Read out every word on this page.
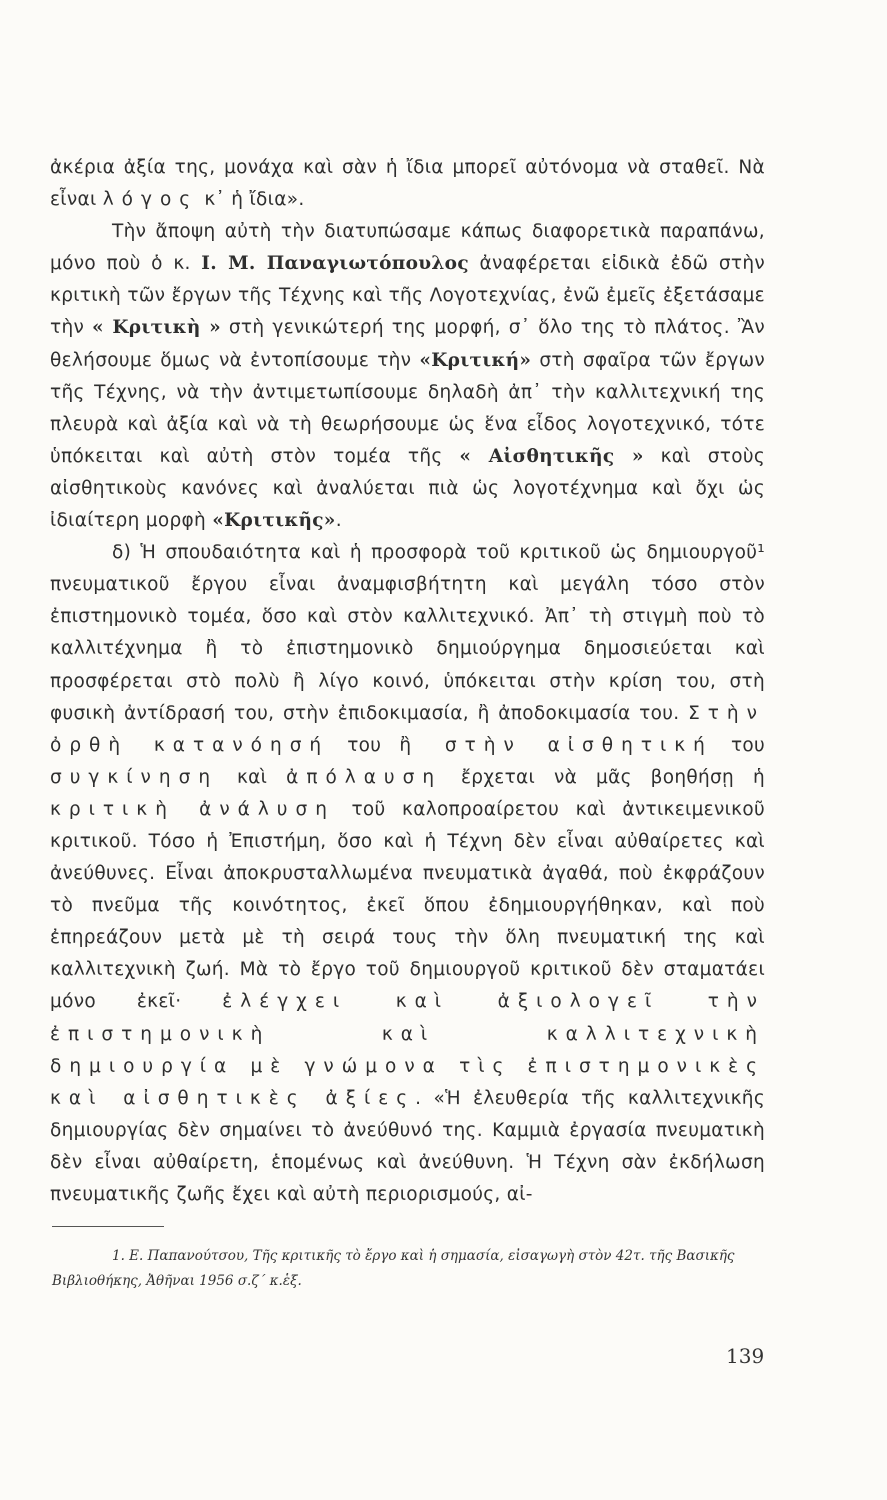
ἀκέρια ἀξία της, μονάχα καὶ σὰν ἡ ἴδια μπορεῖ αὐτόνομα νὰ σταθεῖ. Νὰ εἶναι λόγος κ᾽ ἡ ἴδια».

Τὴν ἄποψη αὐτὴ τὴν διατυπώσαμε κάπως διαφορετικὰ παραπάνω, μόνο ποὺ ὁ κ. Ι. Μ. Παναγιωτόπουλος ἀναφέρεται εἰδικὰ ἐδῶ στὴν κριτικὴ τῶν ἔργων τῆς Τέχνης καὶ τῆς Λογοτεχνίας, ἐνῶ ἐμεῖς ἐξετάσαμε τὴν « Κριτικὴ » στὴ γενικώτερή της μορφή, σ᾽ ὅλο της τὸ πλάτος. Ἂν θελήσουμε ὅμως νὰ ἐντοπίσουμε τὴν «Κριτική» στὴ σφαῖρα τῶν ἔργων τῆς Τέχνης, νὰ τὴν ἀντιμετωπίσουμε δηλαδὴ ἀπ᾽ τὴν καλλιτεχνική της πλευρὰ καὶ ἀξία καὶ νὰ τὴ θεωρήσουμε ὡς ἕνα εἶδος λογοτεχνικό, τότε ὑπόκειται καὶ αὐτὴ στὸν τομέα τῆς « Αἰσθητικῆς » καὶ στοὺς αἰσθητικοὺς κανόνες καὶ ἀναλύεται πιὰ ὡς λογοτέχνημα καὶ ὄχι ὡς ἰδιαίτερη μορφὴ «Κριτικῆς».

δ) Ἡ σπουδαιότητα καὶ ἡ προσφορὰ τοῦ κριτικοῦ ὡς δημιουργοῦ¹ πνευματικοῦ ἔργου εἶναι ἀναμφισβήτητη καὶ μεγάλη τόσο στὸν ἐπιστημονικὸ τομέα, ὅσο καὶ στὸν καλλιτεχνικό. Ἀπ᾽ τὴ στιγμὴ ποὺ τὸ καλλιτέχνημα ἢ τὸ ἐπιστημονικὸ δημιούργημα δημοσιεύεται καὶ προσφέρεται στὸ πολὺ ἢ λίγο κοινό, ὑπόκειται στὴν κρίση του, στὴ φυσικὴ ἀντίδρασή του, στὴν ἐπιδοκιμασία, ἢ ἀποδοκιμασία του. Στὴν ὀρθὴ κατανόησή του ἢ στὴν αἰσθητική του συγκίνηση καὶ ἀπόλαυση ἔρχεται νὰ μᾶς βοηθήσῃ ἡ κριτικὴ ἀνάλυση τοῦ καλοπροαίρετου καὶ ἀντικειμενικοῦ κριτικοῦ. Τόσο ἡ Ἐπιστήμη, ὅσο καὶ ἡ Τέχνη δὲν εἶναι αὐθαίρετες καὶ ἀνεύθυνες. Εἶναι ἀποκρυσταλλωμένα πνευματικὰ ἀγαθά, ποὺ ἐκφράζουν τὸ πνεῦμα τῆς κοινότητος, ἐκεῖ ὅπου ἐδημιουργήθηκαν, καὶ ποὺ ἐπηρεάζουν μετὰ μὲ τὴ σειρά τους τὴν ὅλη πνευματική της καὶ καλλιτεχνικὴ ζωή. Μὰ τὸ ἔργο τοῦ δημιουργοῦ κριτικοῦ δὲν σταματάει μόνο ἐκεῖ· ἐλέγχει καὶ ἀξιολογεῖ τὴν ἐπιστημονικὴ καὶ καλλιτεχνικὴ δημιουργία μὲ γνώμονα τὶς ἐπιστημονικὲς καὶ αἰσθητικὲς ἀξίες. «Ἡ ἐλευθερία τῆς καλλιτεχνικῆς δημιουργίας δὲν σημαίνει τὸ ἀνεύθυνό της. Καμμιὰ ἐργασία πνευματικὴ δὲν εἶναι αὐθαίρετη, ἑπομένως καὶ ἀνεύθυνη. Ἡ Τέχνη σὰν ἐκδήλωση πνευματικῆς ζωῆς ἔχει καὶ αὐτὴ περιορισμούς, αἰ-

1. Ε. Παπανούτσου, Τῆς κριτικῆς τὸ ἔργο καὶ ἡ σημασία, εἰσαγωγὴ στὸν 42τ. τῆς Βασικῆς Βιβλιοθήκης, Ἀθῆναι 1956 σ.ζ΄ κ.ἑξ.
139
